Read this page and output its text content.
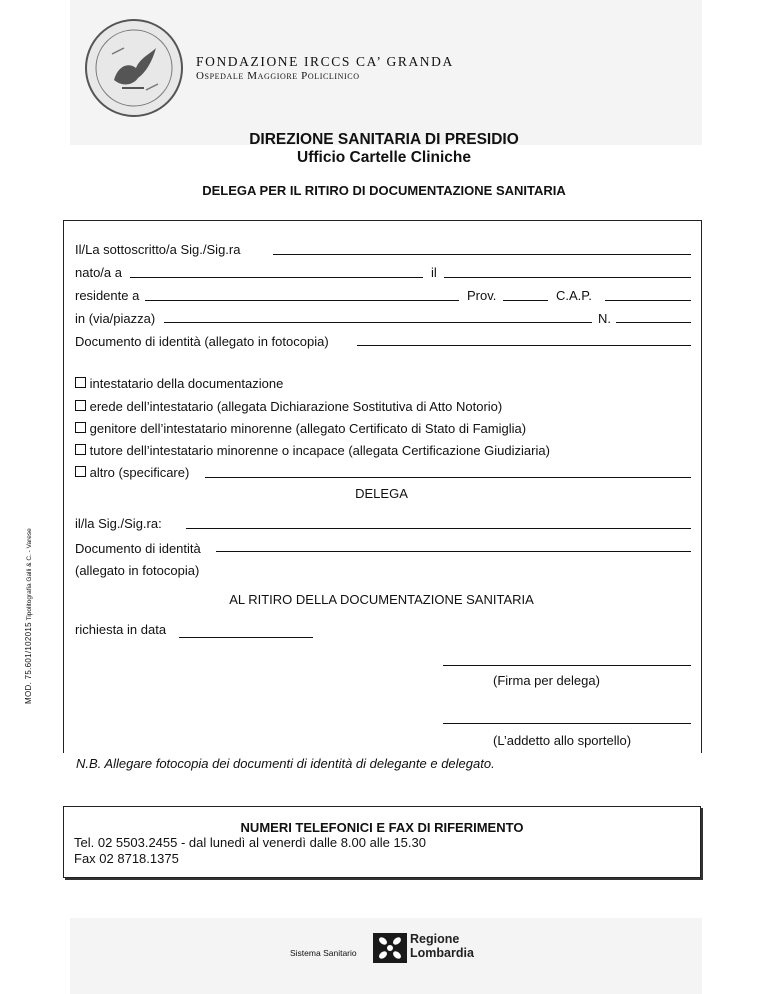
FONDAZIONE IRCCS CA’ GRANDA
Ospedale Maggiore Policlinico
DIREZIONE SANITARIA DI PRESIDIO
Ufficio Cartelle Cliniche
DELEGA PER IL RITIRO DI DOCUMENTAZIONE SANITARIA
Il/La sottoscritto/a Sig./Sig.ra
nato/a a	il
residente a	Prov.	C.A.P.
in (via/piazza)	N.
Documento di identità (allegato in fotocopia)
intestatario della documentazione
erede dell’intestatario (allegata Dichiarazione Sostitutiva di Atto Notorio)
genitore dell’intestatario minorenne (allegato Certificato di Stato di Famiglia)
tutore dell’intestatario minorenne o incapace (allegata Certificazione Giudiziaria)
altro (specificare)
DELEGA
il/la Sig./Sig.ra:
Documento di identità
(allegato in fotocopia)
AL RITIRO DELLA DOCUMENTAZIONE SANITARIA
richiesta in data
(Firma per delega)
(L’addetto allo sportello)
N.B. Allegare fotocopia dei documenti di identità di delegante e delegato.
NUMERI TELEFONICI E FAX DI RIFERIMENTO
Tel. 02 5503.2455 - dal lunedì al venerdì dalle 8.00 alle 15.30
Fax 02 8718.1375
MOD. 75.601/102015 Tipolitografia Galli & C. - Varese
Sistema Sanitario
Regione
Lombardia
